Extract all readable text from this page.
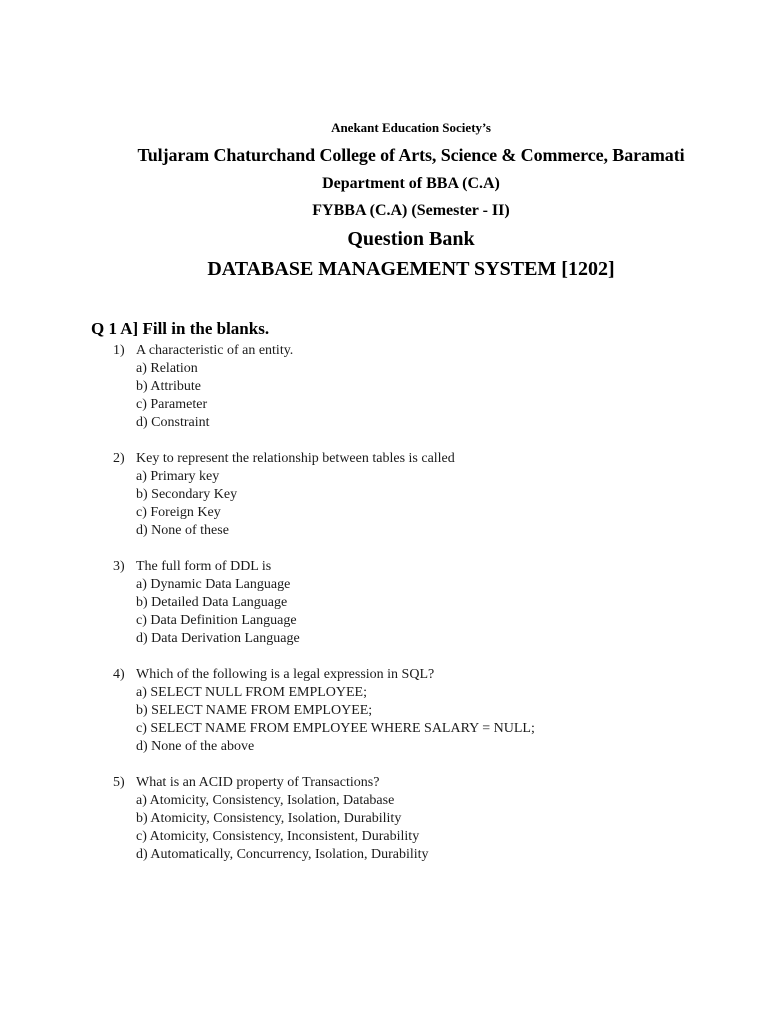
Anekant Education Society’s
Tuljaram Chaturchand College of Arts, Science & Commerce, Baramati
Department of BBA (C.A)
FYBBA (C.A) (Semester - II)
Question Bank
DATABASE MANAGEMENT SYSTEM [1202]
Q 1 A] Fill in the blanks.
1) A characteristic of an entity.
a) Relation
b) Attribute
c) Parameter
d) Constraint
2) Key to represent the relationship between tables is called
a) Primary key
b) Secondary Key
c) Foreign Key
d) None of these
3) The full form of DDL is
a) Dynamic Data Language
b) Detailed Data Language
c) Data Definition Language
d) Data Derivation Language
4) Which of the following is a legal expression in SQL?
a) SELECT NULL FROM EMPLOYEE;
b) SELECT NAME FROM EMPLOYEE;
c) SELECT NAME FROM EMPLOYEE WHERE SALARY = NULL;
d) None of the above
5) What is an ACID property of Transactions?
a) Atomicity, Consistency, Isolation, Database
b) Atomicity, Consistency, Isolation, Durability
c) Atomicity, Consistency, Inconsistent, Durability
d) Automatically, Concurrency, Isolation, Durability
